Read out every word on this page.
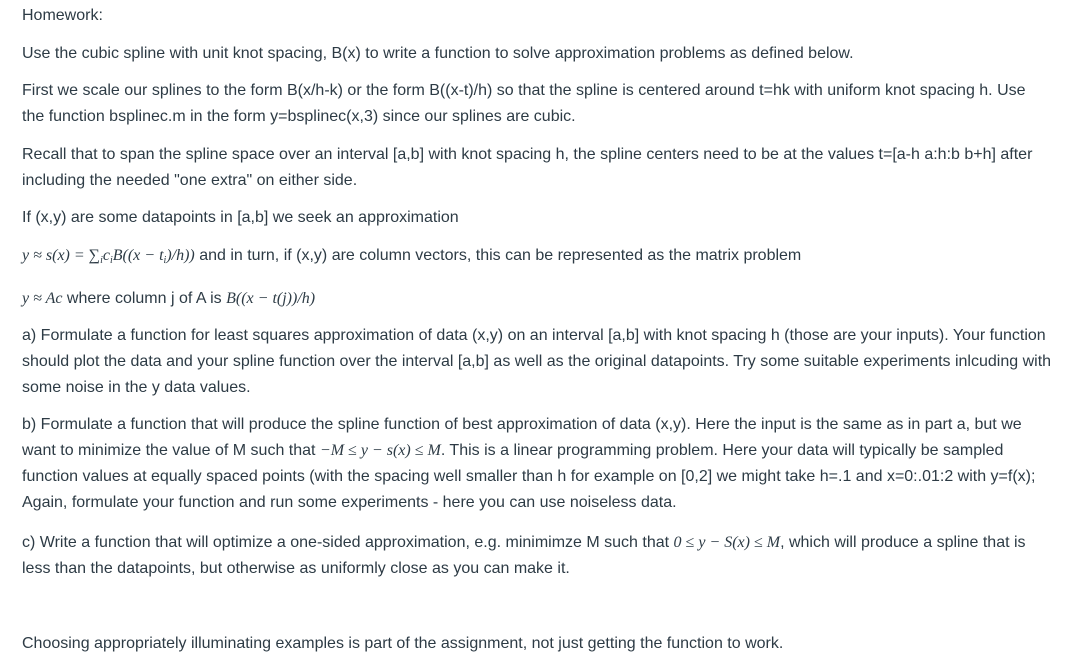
Homework:

Use the cubic spline with unit knot spacing, B(x) to write a function to solve approximation problems as defined below.

First we scale our splines to the form B(x/h-k) or the form B((x-t)/h) so that the spline is centered around t=hk with uniform knot spacing h. Use the function bsplinec.m in the form y=bsplinec(x,3) since our splines are cubic.

Recall that to span the spline space over an interval [a,b] with knot spacing h, the spline centers need to be at the values t=[a-h a:h:b b+h] after including the needed "one extra" on either side.

If (x,y) are some datapoints in [a,b] we seek an approximation

$y \approx s(x) = \sum_ic_iB((x - t_i)/h)$) and in turn, if (x,y) are column vectors, this can be represented as the matrix problem

y ≈ Ac where column j of A is B((x − t(j))/h)

a) Formulate a function for least squares approximation of data (x,y) on an interval [a,b] with knot spacing h (those are your inputs). Your function should plot the data and your spline function over the interval [a,b] as well as the original datapoints. Try some suitable experiments inlcuding with some noise in the y data values.

b) Formulate a function that will produce the spline function of best approximation of data (x,y). Here the input is the same as in part a, but we want to minimize the value of M such that −M ≤ y − s(x) ≤ M. This is a linear programming problem. Here your data will typically be sampled function values at equally spaced points (with the spacing well smaller than h for example on [0,2] we might take h=.1 and x=0:.01:2 with y=f(x); Again, formulate your function and run some experiments - here you can use noiseless data.

c) Write a function that will optimize a one-sided approximation, e.g. minimimze M such that 0 ≤ y − S(x) ≤ M, which will produce a spline that is less than the datapoints, but otherwise as uniformly close as you can make it.

Choosing appropriately illuminating examples is part of the assignment, not just getting the function to work.
